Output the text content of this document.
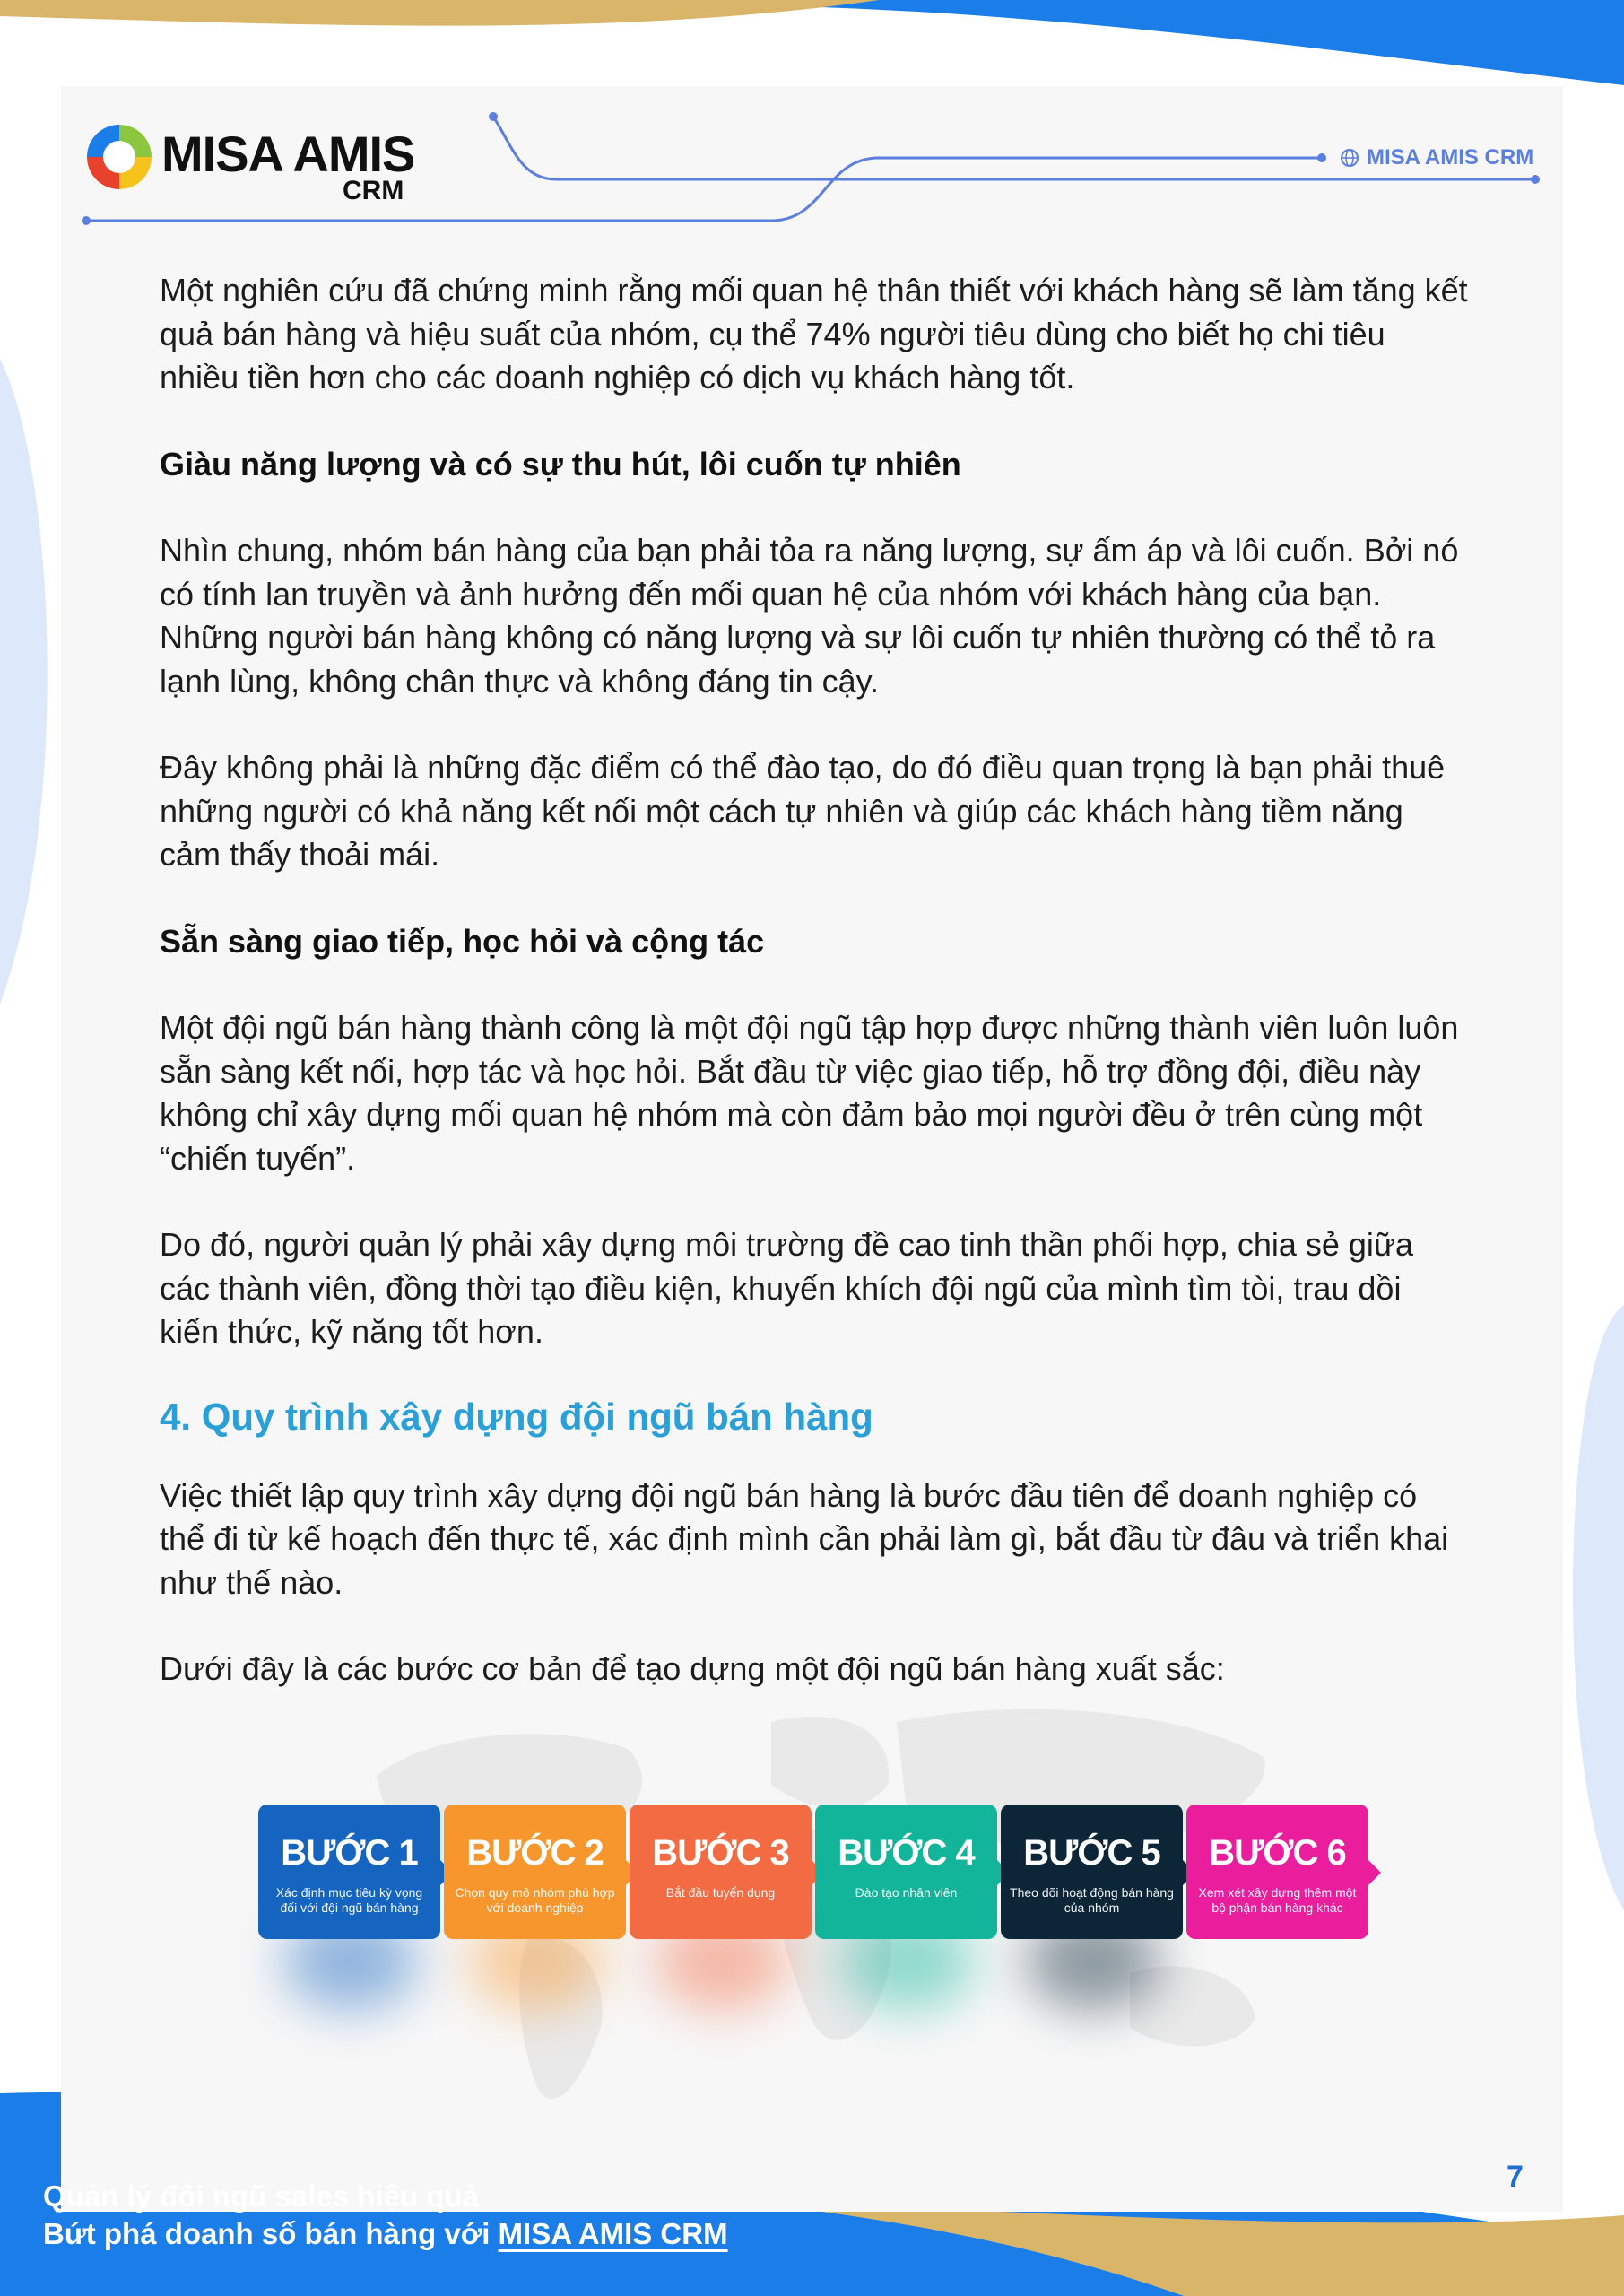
MISA AMIS
CRM
MISA AMIS CRM

Một nghiên cứu đã chứng minh rằng mối quan hệ thân thiết với khách hàng sẽ làm tăng kết quả bán hàng và hiệu suất của nhóm, cụ thể 74% người tiêu dùng cho biết họ chi tiêu nhiều tiền hơn cho các doanh nghiệp có dịch vụ khách hàng tốt.

Giàu năng lượng và có sự thu hút, lôi cuốn tự nhiên

Nhìn chung, nhóm bán hàng của bạn phải tỏa ra năng lượng, sự ấm áp và lôi cuốn. Bởi nó có tính lan truyền và ảnh hưởng đến mối quan hệ của nhóm với khách hàng của bạn. Những người bán hàng không có năng lượng và sự lôi cuốn tự nhiên thường có thể tỏ ra lạnh lùng, không chân thực và không đáng tin cậy.

Đây không phải là những đặc điểm có thể đào tạo, do đó điều quan trọng là bạn phải thuê những người có khả năng kết nối một cách tự nhiên và giúp các khách hàng tiềm năng cảm thấy thoải mái.

Sẵn sàng giao tiếp, học hỏi và cộng tác

Một đội ngũ bán hàng thành công là một đội ngũ tập hợp được những thành viên luôn luôn sẵn sàng kết nối, hợp tác và học hỏi. Bắt đầu từ việc giao tiếp, hỗ trợ đồng đội, điều này không chỉ xây dựng mối quan hệ nhóm mà còn đảm bảo mọi người đều ở trên cùng một “chiến tuyến”.

Do đó, người quản lý phải xây dựng môi trường đề cao tinh thần phối hợp, chia sẻ giữa các thành viên, đồng thời tạo điều kiện, khuyến khích đội ngũ của mình tìm tòi, trau dồi kiến thức, kỹ năng tốt hơn.

4. Quy trình xây dựng đội ngũ bán hàng

Việc thiết lập quy trình xây dựng đội ngũ bán hàng là bước đầu tiên để doanh nghiệp có thể đi từ kế hoạch đến thực tế, xác định mình cần phải làm gì, bắt đầu từ đâu và triển khai như thế nào.

Dưới đây là các bước cơ bản để tạo dựng một đội ngũ bán hàng xuất sắc:

BƯỚC 1
Xác định mục tiêu kỳ vọng đối với đội ngũ bán hàng
BƯỚC 2
Chọn quy mô nhóm phù hợp với doanh nghiệp
BƯỚC 3
Bắt đầu tuyển dụng
BƯỚC 4
Đào tạo nhân viên
BƯỚC 5
Theo dõi hoạt động bán hàng của nhóm
BƯỚC 6
Xem xét xây dựng thêm một bộ phận bán hàng khác
7
Quản lý đội ngũ sales hiệu quả
Bứt phá doanh số bán hàng với MISA AMIS CRM
